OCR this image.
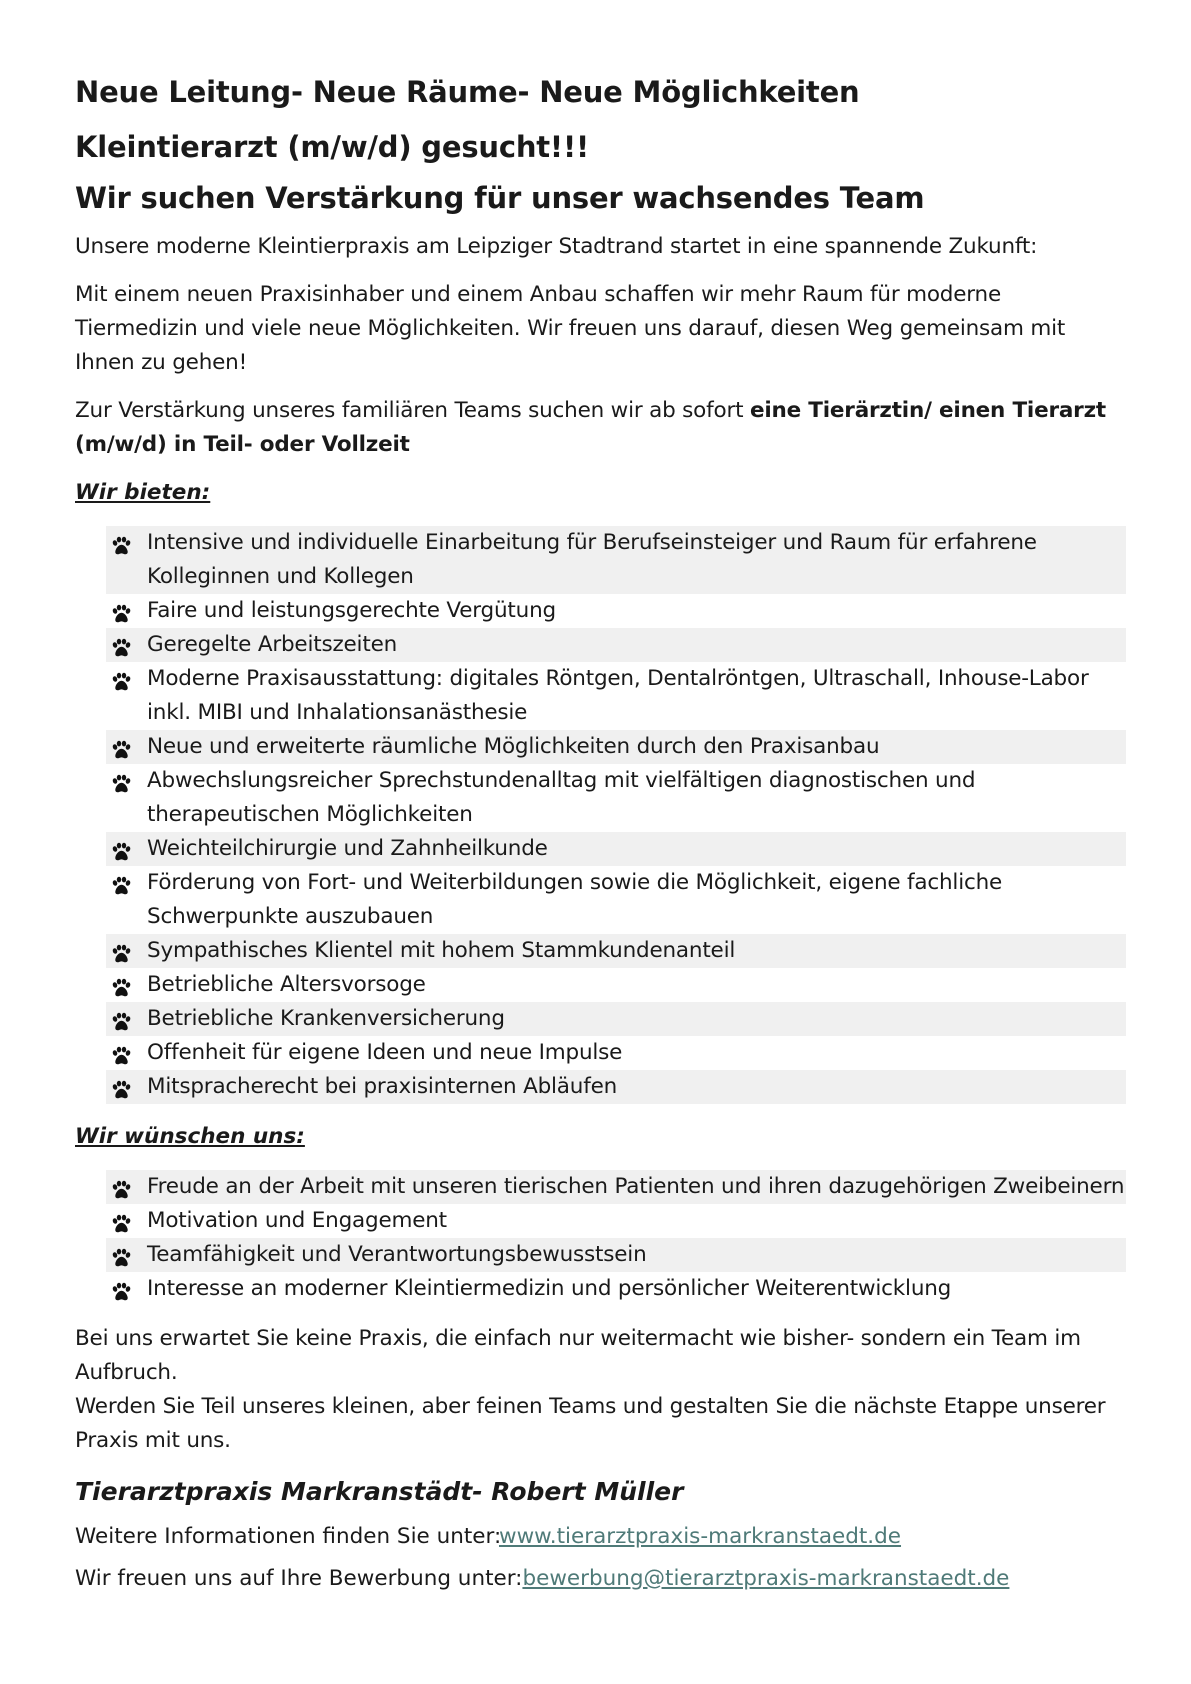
Neue Leitung- Neue Räume- Neue Möglichkeiten
Kleintierarzt (m/w/d) gesucht!!!
Wir suchen Verstärkung für unser wachsendes Team

Unsere moderne Kleintierpraxis am Leipziger Stadtrand startet in eine spannende Zukunft:

Mit einem neuen Praxisinhaber und einem Anbau schaffen wir mehr Raum für moderne Tiermedizin und viele neue Möglichkeiten. Wir freuen uns darauf, diesen Weg gemeinsam mit Ihnen zu gehen!

Zur Verstärkung unseres familiären Teams suchen wir ab sofort eine Tierärztin/ einen Tierarzt (m/w/d) in Teil- oder Vollzeit

Wir bieten:
Intensive und individuelle Einarbeitung für Berufseinsteiger und Raum für erfahrene Kolleginnen und Kollegen
Faire und leistungsgerechte Vergütung
Geregelte Arbeitszeiten
Moderne Praxisausstattung: digitales Röntgen, Dentalröntgen, Ultraschall, Inhouse-Labor inkl. MIBI und Inhalationsanästhesie
Neue und erweiterte räumliche Möglichkeiten durch den Praxisanbau
Abwechslungsreicher Sprechstundenalltag mit vielfältigen diagnostischen und therapeutischen Möglichkeiten
Weichteilchirurgie und Zahnheilkunde
Förderung von Fort- und Weiterbildungen sowie die Möglichkeit, eigene fachliche Schwerpunkte auszubauen
Sympathisches Klientel mit hohem Stammkundenanteil
Betriebliche Altersvorsoge
Betriebliche Krankenversicherung
Offenheit für eigene Ideen und neue Impulse
Mitspracherecht bei praxisinternen Abläufen
Wir wünschen uns:
Freude an der Arbeit mit unseren tierischen Patienten und ihren dazugehörigen Zweibeinern
Motivation und Engagement
Teamfähigkeit und Verantwortungsbewusstsein
Interesse an moderner Kleintiermedizin und persönlicher Weiterentwicklung

Bei uns erwartet Sie keine Praxis, die einfach nur weitermacht wie bisher- sondern ein Team im Aufbruch.

Werden Sie Teil unseres kleinen, aber feinen Teams und gestalten Sie die nächste Etappe unserer Praxis mit uns.

Tierarztpraxis Markranstädt- Robert Müller
Weitere Informationen finden Sie unter:www.tierarztpraxis-markranstaedt.de
Wir freuen uns auf Ihre Bewerbung unter:bewerbung@tierarztpraxis-markranstaedt.de
